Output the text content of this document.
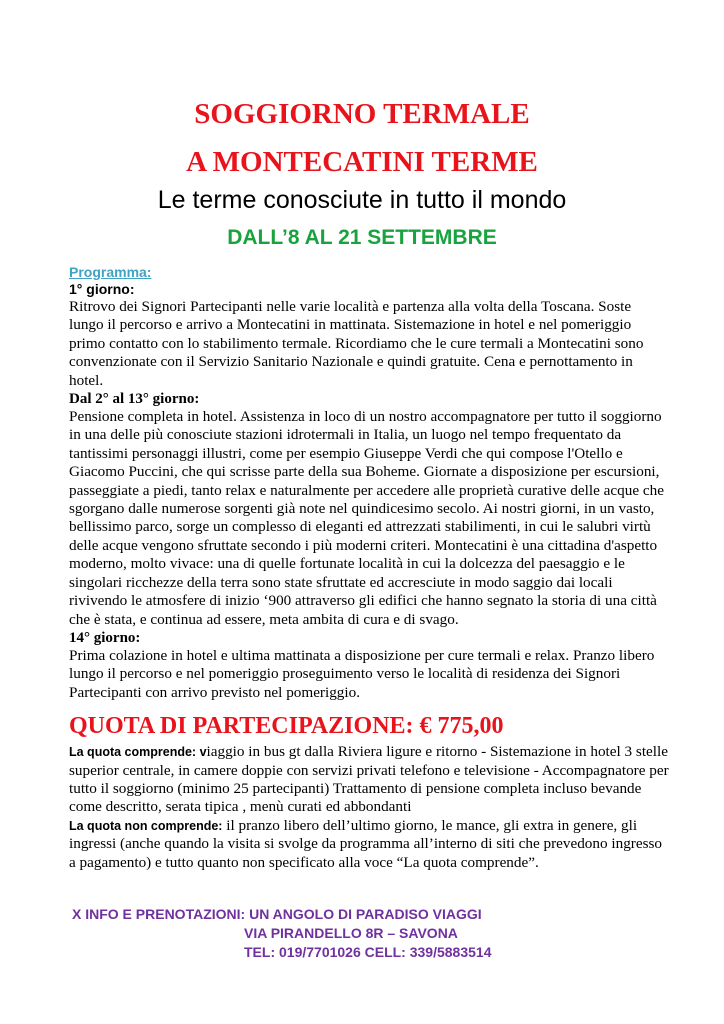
SOGGIORNO TERMALE
A MONTECATINI TERME
Le terme conosciute in tutto il mondo
DALL’8 AL 21 SETTEMBRE

Programma:

1° giorno:

Ritrovo dei Signori Partecipanti nelle varie località e partenza alla volta della Toscana. Soste lungo il percorso e arrivo a Montecatini in mattinata. Sistemazione in hotel e nel pomeriggio primo contatto con lo stabilimento termale. Ricordiamo che le cure termali a Montecatini sono convenzionate con il Servizio Sanitario Nazionale e quindi gratuite. Cena e pernottamento in hotel.

Dal 2° al 13° giorno:

Pensione completa in hotel. Assistenza in loco di un nostro accompagnatore per tutto il soggiorno in una delle più conosciute stazioni idrotermali in Italia, un luogo nel tempo frequentato da tantissimi personaggi illustri, come per esempio Giuseppe Verdi che qui compose l'Otello e Giacomo Puccini, che qui scrisse parte della sua Boheme. Giornate a disposizione per escursioni, passeggiate a piedi, tanto relax e naturalmente per accedere alle proprietà curative delle acque che sgorgano dalle numerose sorgenti già note nel quindicesimo secolo. Ai nostri giorni, in un vasto, bellissimo parco, sorge un complesso di eleganti ed attrezzati stabilimenti, in cui le salubri virtù delle acque vengono sfruttate secondo i più moderni criteri. Montecatini è una cittadina d'aspetto moderno, molto vivace: una di quelle fortunate località in cui la dolcezza del paesaggio e le singolari ricchezze della terra sono state sfruttate ed accresciute in modo saggio dai locali rivivendo le atmosfere di inizio ‘900 attraverso gli edifici che hanno segnato la storia di una città che è stata, e continua ad essere, meta ambita di cura e di svago.

14° giorno:

Prima colazione in hotel e ultima mattinata a disposizione per cure termali e relax. Pranzo libero lungo il percorso e nel pomeriggio proseguimento verso le località di residenza dei Signori Partecipanti con arrivo previsto nel pomeriggio.

QUOTA DI PARTECIPAZIONE: € 775,00

La quota comprende: viaggio in bus gt dalla Riviera ligure e ritorno - Sistemazione in hotel 3 stelle superior centrale, in camere doppie con servizi privati telefono e televisione - Accompagnatore per tutto il soggiorno (minimo 25 partecipanti) Trattamento di pensione completa incluso bevande come descritto, serata tipica , menù curati ed abbondanti

La quota non comprende: il pranzo libero dell’ultimo giorno, le mance, gli extra in genere, gli ingressi (anche quando la visita si svolge da programma all’interno di siti che prevedono ingresso a pagamento) e tutto quanto non specificato alla voce “La quota comprende”.

X INFO E PRENOTAZIONI: UN ANGOLO DI PARADISO VIAGGI
VIA PIRANDELLO 8R – SAVONA
TEL: 019/7701026 CELL: 339/5883514
